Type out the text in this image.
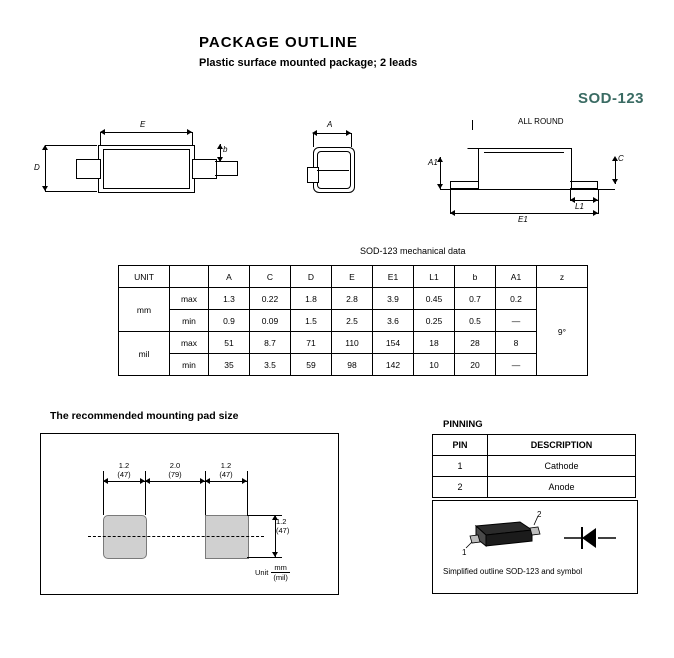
PACKAGE OUTLINE
Plastic surface mounted package; 2 leads
SOD-123
E
D
b
A	ALL ROUND
A1	C
L1
E1
SOD-123 mechanical data
UNIT		A	C	D	E	E1	L1	b	A1	z
mm	max	1.3	0.22	1.8	2.8	3.9	0.45	0.7	0.2	9°
	min	0.9	0.09	1.5	2.5	3.6	0.25	0.5	—	
mil	max	51	8.7	71	110	154	18	28	8	
	min	35	3.5	59	98	142	10	20	—	
The recommended mounting pad size
1.2
(47)
2.0
(79)
1.2
(47)
1.2
(47)
Unit
mm
(mil)
PINNING
PIN	DESCRIPTION
1	Cathode
2	Anode
1
2
Simplified outline SOD-123 and symbol
